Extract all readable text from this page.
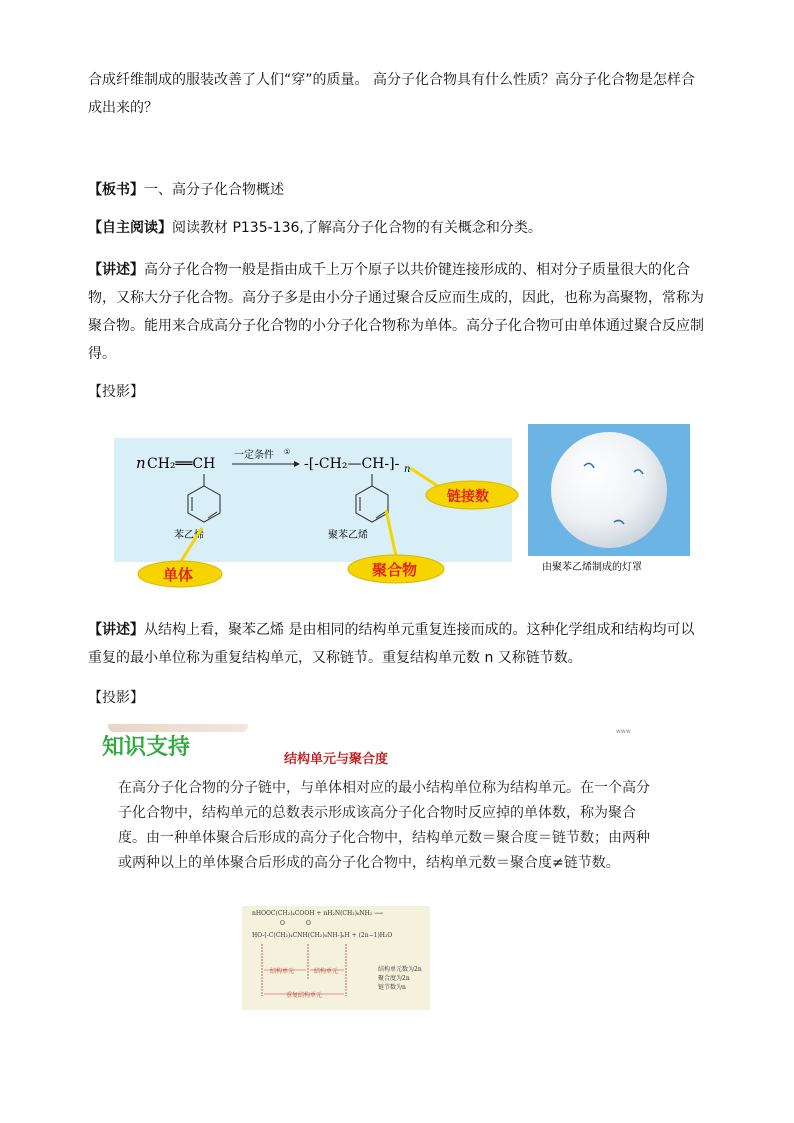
合成纤维制成的服装改善了人们“穿”的质量。 高分子化合物具有什么性质？高分子化合物是怎样合成出来的？

【板书】一、高分子化合物概述

【自主阅读】阅读教材 P135-136,了解高分子化合物的有关概念和分类。

【讲述】高分子化合物一般是指由成千上万个原子以共价键连接形成的、相对分子质量很大的化合物，又称大分子化合物。高分子多是由小分子通过聚合反应而生成的，因此，也称为高聚物，常称为聚合物。能用来合成高分子化合物的小分子化合物称为单体。高分子化合物可由单体通过聚合反应制得。

【投影】

n CH₂══CH
苯乙烯
一定条件 ①
-[-CH₂—CH-]- n
聚苯乙烯
单体	聚合物
链接数
由聚苯乙烯制成的灯罩

【讲述】从结构上看，聚苯乙烯 是由相同的结构单元重复连接而成的。这种化学组成和结构均可以重复的最小单位称为重复结构单元，又称链节。重复结构单元数 n 又称链节数。

【投影】

www
知识支持	结构单元与聚合度
在高分子化合物的分子链中，与单体相对应的最小结构单位称为结构单元。在一个高分子化合物中，结构单元的总数表示形成该高分子化合物时反应掉的单体数，称为聚合度。由一种单体聚合后形成的高分子化合物中，结构单元数＝聚合度＝链节数；由两种或两种以上的单体聚合后形成的高分子化合物中，结构单元数＝聚合度≠链节数。
nHOOC(CH₂)₄COOH + nH₂N(CH₂)₆NH₂ ⟶
O	O
HO-[-C(CH₂)₄CNH(CH₂)₆NH-]ₙH + (2n−1)H₂O
结构单元	结构单元
重复结构单元
结构单元数为2n
聚合度为2n
链节数为n
